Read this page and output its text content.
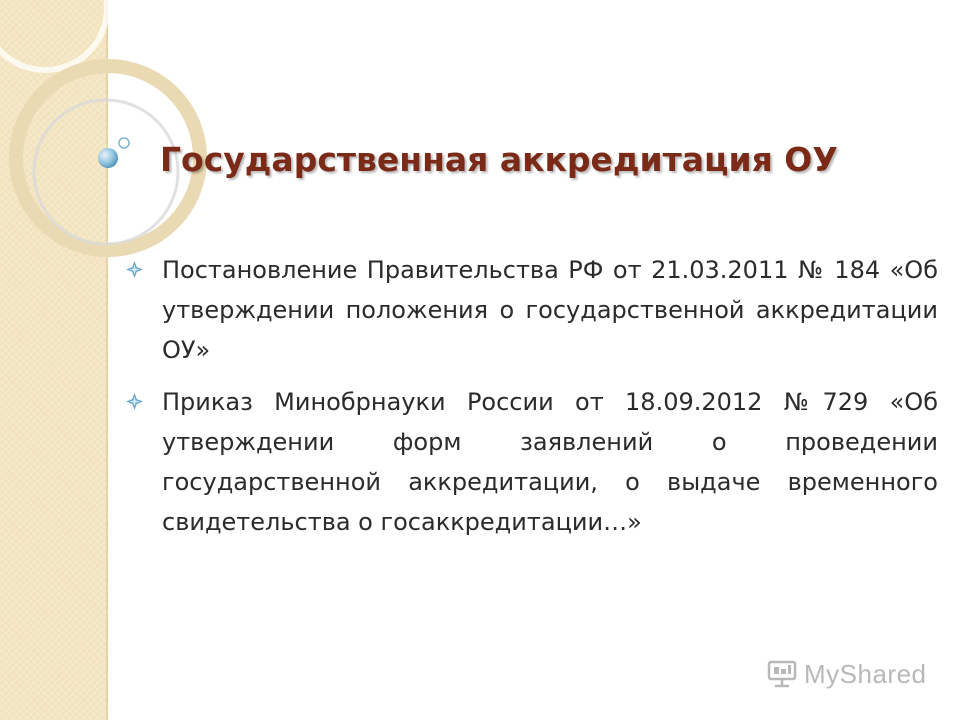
Государственная аккредитация ОУ
Постановление Правительства РФ от 21.03.2011 № 184 «Об утверждении положения о государственной аккредитации ОУ»
Приказ Минобрнауки России от 18.09.2012 №729 «Об утверждении форм заявлений о проведении государственной аккредитации, о выдаче временного свидетельства о госаккредитации…»
MyShared
